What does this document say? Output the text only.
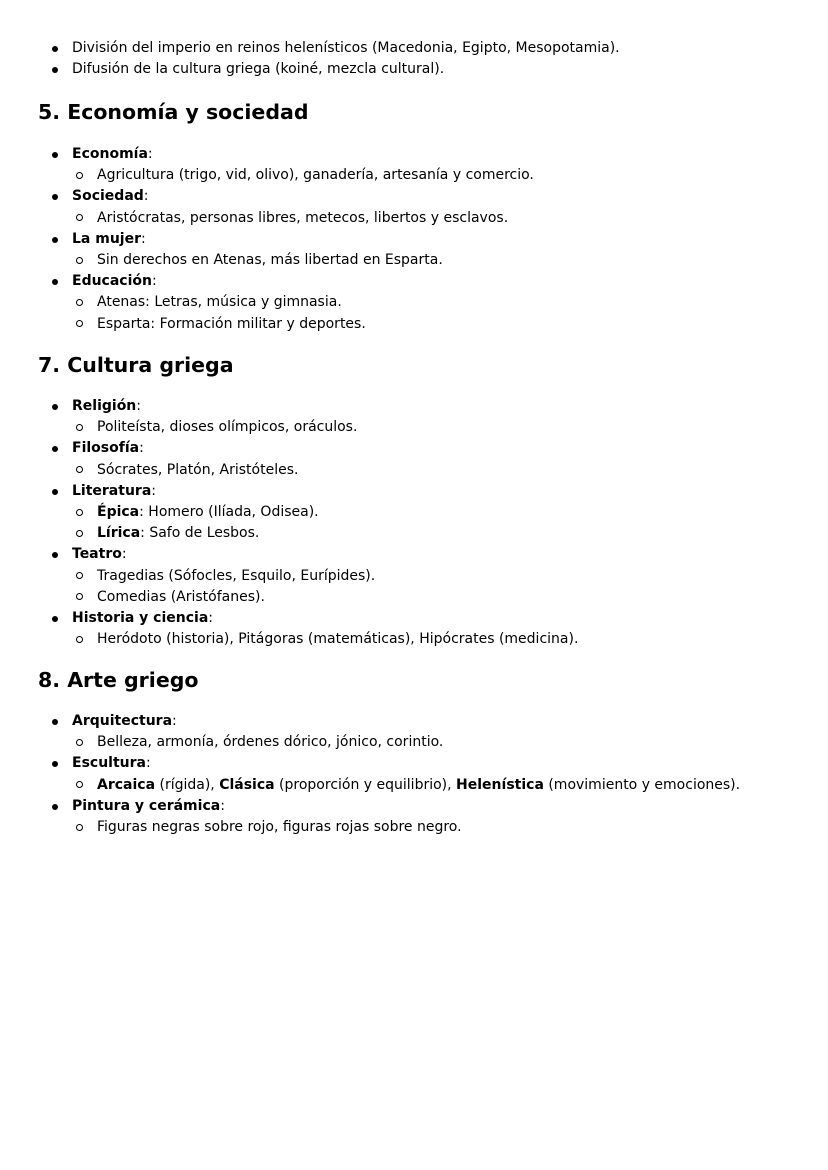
División del imperio en reinos helenísticos (Macedonia, Egipto, Mesopotamia).
Difusión de la cultura griega (koiné, mezcla cultural).
5. Economía y sociedad
Economía:
Agricultura (trigo, vid, olivo), ganadería, artesanía y comercio.
Sociedad:
Aristócratas, personas libres, metecos, libertos y esclavos.
La mujer:
Sin derechos en Atenas, más libertad en Esparta.
Educación:
Atenas: Letras, música y gimnasia.
Esparta: Formación militar y deportes.
7. Cultura griega
Religión:
Politeísta, dioses olímpicos, oráculos.
Filosofía:
Sócrates, Platón, Aristóteles.
Literatura:
Épica: Homero (Ilíada, Odisea).
Lírica: Safo de Lesbos.
Teatro:
Tragedias (Sófocles, Esquilo, Eurípides).
Comedias (Aristófanes).
Historia y ciencia:
Heródoto (historia), Pitágoras (matemáticas), Hipócrates (medicina).
8. Arte griego
Arquitectura:
Belleza, armonía, órdenes dórico, jónico, corintio.
Escultura:
Arcaica (rígida), Clásica (proporción y equilibrio), Helenística (movimiento y emociones).
Pintura y cerámica:
Figuras negras sobre rojo, figuras rojas sobre negro.
